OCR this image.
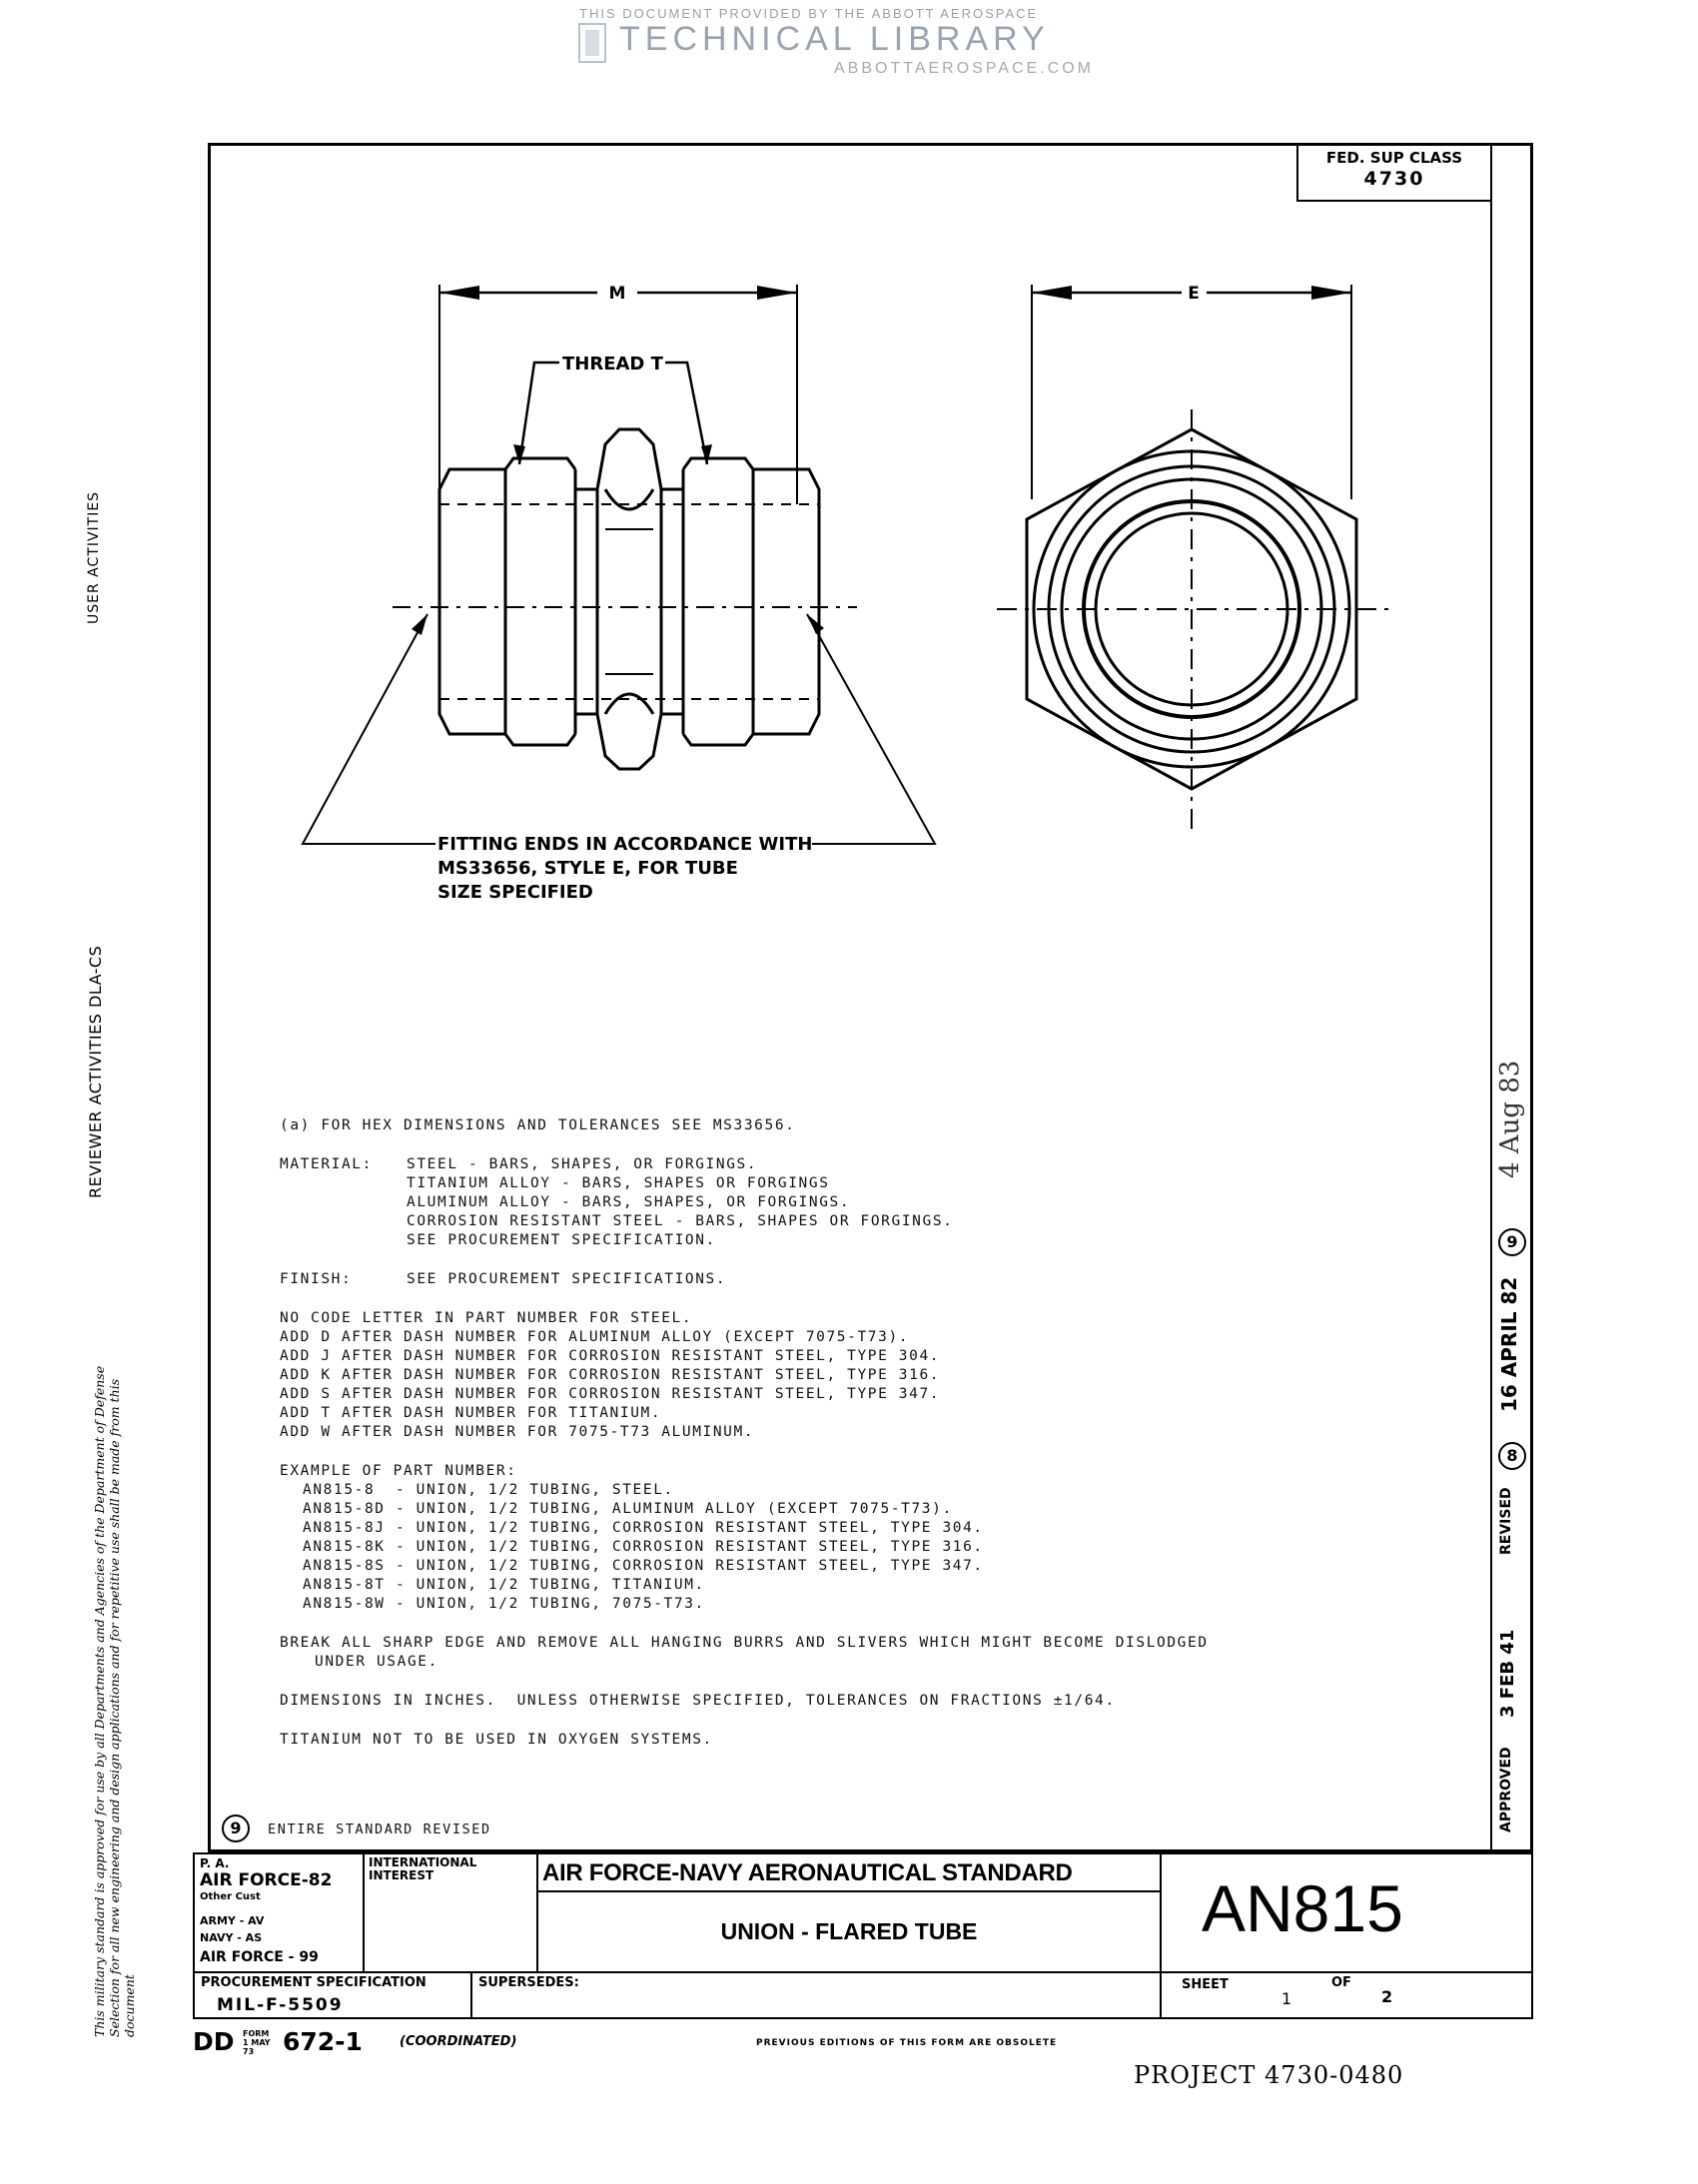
THIS DOCUMENT PROVIDED BY THE ABBOTT AEROSPACE
TECHNICAL LIBRARY
ABBOTTAEROSPACE.COM
FED. SUP CLASS
4730
M	E
THREAD T
FITTING ENDS IN ACCORDANCE WITH
MS33656, STYLE E, FOR TUBE
SIZE SPECIFIED
(a) FOR HEX DIMENSIONS AND TOLERANCES SEE MS33656.
MATERIAL: STEEL - BARS, SHAPES, OR FORGINGS.
TITANIUM ALLOY - BARS, SHAPES OR FORGINGS
ALUMINUM ALLOY - BARS, SHAPES, OR FORGINGS.
CORROSION RESISTANT STEEL - BARS, SHAPES OR FORGINGS.
SEE PROCUREMENT SPECIFICATION.
FINISH:	SEE PROCUREMENT SPECIFICATIONS.
NO CODE LETTER IN PART NUMBER FOR STEEL.
ADD D AFTER DASH NUMBER FOR ALUMINUM ALLOY (EXCEPT 7075-T73).
ADD J AFTER DASH NUMBER FOR CORROSION RESISTANT STEEL, TYPE 304.
ADD K AFTER DASH NUMBER FOR CORROSION RESISTANT STEEL, TYPE 316.
ADD S AFTER DASH NUMBER FOR CORROSION RESISTANT STEEL, TYPE 347.
ADD T AFTER DASH NUMBER FOR TITANIUM.
ADD W AFTER DASH NUMBER FOR 7075-T73 ALUMINUM.
EXAMPLE OF PART NUMBER:
AN815-8  - UNION, 1/2 TUBING, STEEL.
AN815-8D - UNION, 1/2 TUBING, ALUMINUM ALLOY (EXCEPT 7075-T73).
AN815-8J - UNION, 1/2 TUBING, CORROSION RESISTANT STEEL, TYPE 304.
AN815-8K - UNION, 1/2 TUBING, CORROSION RESISTANT STEEL, TYPE 316.
AN815-8S - UNION, 1/2 TUBING, CORROSION RESISTANT STEEL, TYPE 347.
AN815-8T - UNION, 1/2 TUBING, TITANIUM.
AN815-8W - UNION, 1/2 TUBING, 7075-T73.
BREAK ALL SHARP EDGE AND REMOVE ALL HANGING BURRS AND SLIVERS WHICH MIGHT BECOME DISLODGED
UNDER USAGE.
DIMENSIONS IN INCHES.  UNLESS OTHERWISE SPECIFIED, TOLERANCES ON FRACTIONS ±1/64.
TITANIUM NOT TO BE USED IN OXYGEN SYSTEMS.
9	ENTIRE STANDARD REVISED	APPROVED
3 FEB 41
REVISED
8
16 APRIL 82
9
4 Aug 83
P. A.
AIR FORCE-82
Other Cust
ARMY - AV
NAVY - AS
AIR FORCE - 99
INTERNATIONAL INTEREST	AIR FORCE-NAVY AERONAUTICAL STANDARD
UNION - FLARED TUBE	AN815
PROCUREMENT SPECIFICATION
MIL-F-5509
SUPERSEDES:	SHEET
1
OF
2
DD FORM 1 MAY 73	672-1	(COORDINATED)	PREVIOUS EDITIONS OF THIS FORM ARE OBSOLETE
PROJECT 4730-0480
USER ACTIVITIES
REVIEWER ACTIVITIES DLA-CS
This military standard is approved for use by all Departments and Agencies of the Department of Defense Selection for all new engineering and design applications and for repetitive use shall be made from this document
